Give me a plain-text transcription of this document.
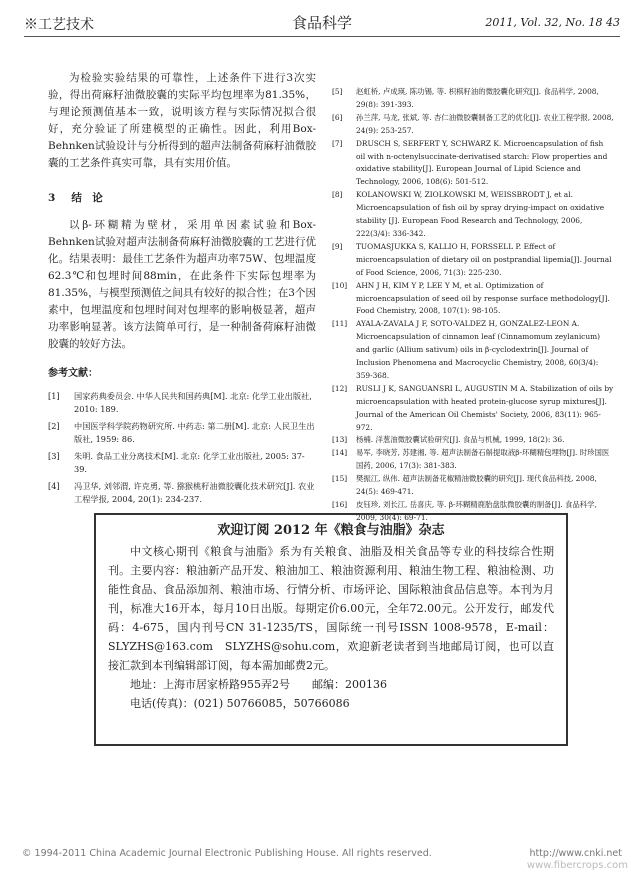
※工艺技术	食品科学	2011, Vol. 32, No. 18 43

为检验实验结果的可靠性，上述条件下进行3次实验，得出荷麻籽油微胶囊的实际平均包埋率为81.35%，与理论预测值基本一致，说明该方程与实际情况拟合很好，充分验证了所建模型的正确性。因此，利用Box-Behnken试验设计与分析得到的超声法制备荷麻籽油微胶囊的工艺条件真实可靠，具有实用价值。

3 结　论

以β-环糊精为壁材，采用单因素试验和Box-Behnken试验对超声法制备荷麻籽油微胶囊的工艺进行优化。结果表明：最佳工艺条件为超声功率75W、包埋温度62.3℃和包埋时间88min，在此条件下实际包埋率为81.35%，与模型预测值之间具有较好的拟合性；在3个因素中，包埋温度和包埋时间对包埋率的影响极显著，超声功率影响显著。该方法简单可行，是一种制备荷麻籽油微胶囊的较好方法。

参考文献：
[1]	国家药典委员会. 中华人民共和国药典[M]. 北京: 化学工业出版社, 2010: 189.
[2]	中国医学科学院药物研究所. 中药志: 第二册[M]. 北京: 人民卫生出版社, 1959: 86.
[3]	朱明. 食品工业分离技术[M]. 北京: 化学工业出版社, 2005: 37-39.
[4]	冯卫华, 刘邻渭, 许克勇, 等. 猕猴桃籽油微胶囊化技术研究[J]. 农业工程学报, 2004, 20(1): 234-237.
[5]	赵虹桥, 卢成瑛, 陈功锡, 等. 枳棋籽油的微胶囊化研究[J]. 食品科学, 2008, 29(8): 391-393.
[6]	孙兰萍, 马龙, 张斌, 等. 杏仁油微胶囊制备工艺的优化[J]. 农业工程学报, 2008, 24(9): 253-257.
[7]	DRUSCH S, SERFERT Y, SCHWARZ K. Microencapsulation of fish oil with n-octenylsuccinate-derivatised starch: Flow properties and oxidative stability[J]. European Journal of Lipid Science and Technology, 2006, 108(6): 501-512.
[8]	KOLANOWSKI W, ZIOLKOWSKI M, WEISSBRODT J, et al. Microencapsulation of fish oil by spray drying-impact on oxidative stability [J]. European Food Research and Technology, 2006, 222(3/4): 336-342.
[9]	TUOMASJUKKA S, KALLIO H, FORSSELL P. Effect of microencapsulation of dietary oil on postprandial lipemia[J]. Journal of Food Science, 2006, 71(3): 225-230.
[10]	AHN J H, KIM Y P, LEE Y M, et al. Optimization of microencapsulation of seed oil by response surface methodology[J]. Food Chemistry, 2008, 107(1): 98-105.
[11]	AYALA-ZAVALA J F, SOTO-VALDEZ H, GONZALEZ-LEON A. Microencapsulation of cinnamon leaf (Cinnamomum zeylanicum) and garlic (Allium sativum) oils in β-cyclodextrin[J]. Journal of Inclusion Phenomena and Macrocyclic Chemistry, 2008, 60(3/4): 359-368.
[12]	RUSLI J K, SANGUANSRI L, AUGUSTIN M A. Stabilization of oils by microencapsulation with heated protein-glucose syrup mixtures[J]. Journal of the American Oil Chemists' Society, 2006, 83(11): 965-972.
[13]	杨楠. 洋葱油微胶囊试验研究[J]. 食品与机械, 1999, 18(2): 36.
[14]	易军, 李晓芳, 苏建湘, 等. 超声法制备石斛提取液β-环糊精包埋物[J]. 时珍国医国药, 2006, 17(3): 381-383.
[15]	樊振江, 纵伟. 超声法制备花椒精油微胶囊的研究[J]. 现代食品科技, 2008, 24(5): 469-471.
[16]	皮钰珍, 刘长江, 岳喜庆, 等. β-环糊精鹿胎盘肽微胶囊的制备[J]. 食品科学, 2009, 30(4): 69-71.
欢迎订阅 2012 年《粮食与油脂》杂志
中文核心期刊《粮食与油脂》系为有关粮食、油脂及相关食品等专业的科技综合性期刊。主要内容：粮油新产品开发、粮油加工、粮油资源利用、粮油生物工程、粮油检测、功能性食品、食品添加剂、粮油市场、行情分析、市场评论、国际粮油食品信息等。本刊为月刊，标准大16开本，每月10日出版。每期定价6.00元，全年72.00元。公开发行，邮发代码：4-675，国内刊号CN 31-1235/TS，国际统一刊号ISSN 1008-9578，E-mail：SLYZHS@163.com　SLYZHS@sohu.com，欢迎新老读者到当地邮局订阅，也可以直接汇款到本刊编辑部订阅，每本需加邮费2元。
地址：上海市居家桥路955弄2号　　邮编：200136
电话(传真)：(021) 50766085，50766086
© 1994-2011 China Academic Journal Electronic Publishing House. All rights reserved.	http://www.cnki.net
www.fibercrops.com
